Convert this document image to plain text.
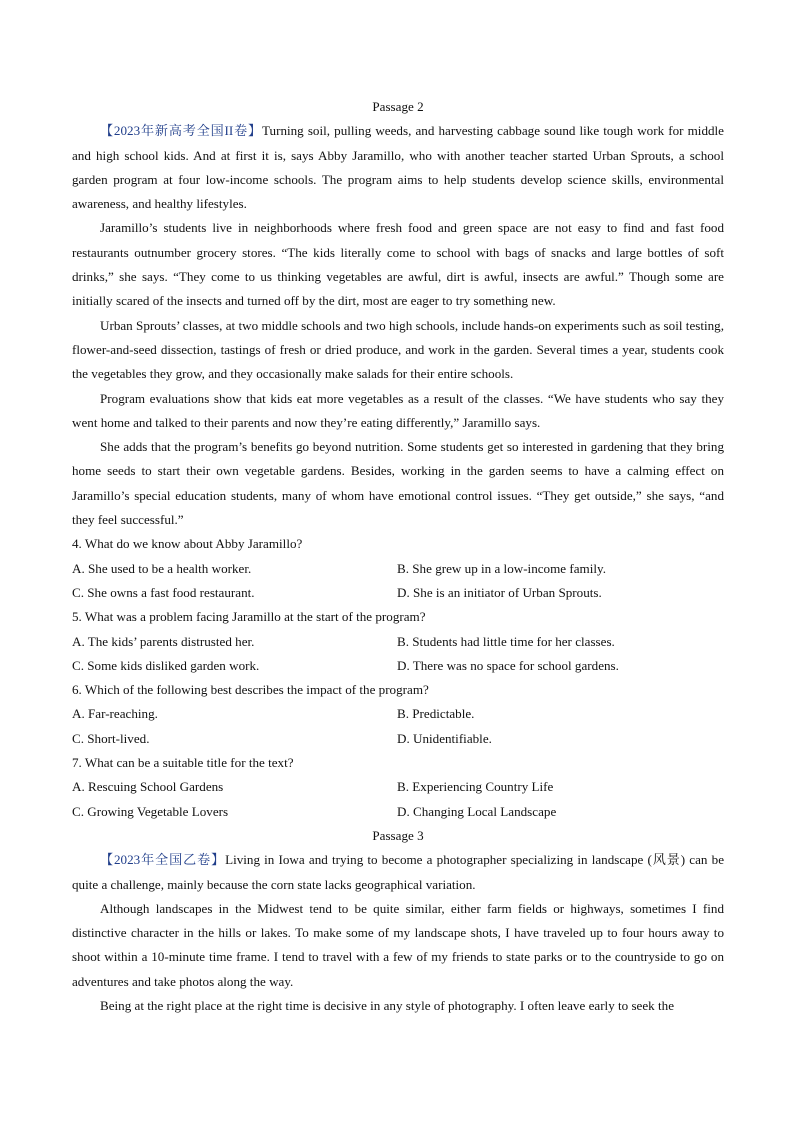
Passage 2
【2023年新高考全国II卷】Turning soil, pulling weeds, and harvesting cabbage sound like tough work for middle and high school kids. And at first it is, says Abby Jaramillo, who with another teacher started Urban Sprouts, a school garden program at four low-income schools. The program aims to help students develop science skills, environmental awareness, and healthy lifestyles.
Jaramillo’s students live in neighborhoods where fresh food and green space are not easy to find and fast food restaurants outnumber grocery stores. “The kids literally come to school with bags of snacks and large bottles of soft drinks,” she says. “They come to us thinking vegetables are awful, dirt is awful, insects are awful.” Though some are initially scared of the insects and turned off by the dirt, most are eager to try something new.
Urban Sprouts’ classes, at two middle schools and two high schools, include hands-on experiments such as soil testing, flower-and-seed dissection, tastings of fresh or dried produce, and work in the garden. Several times a year, students cook the vegetables they grow, and they occasionally make salads for their entire schools.
Program evaluations show that kids eat more vegetables as a result of the classes. “We have students who say they went home and talked to their parents and now they’re eating differently,” Jaramillo says.
She adds that the program’s benefits go beyond nutrition. Some students get so interested in gardening that they bring home seeds to start their own vegetable gardens. Besides, working in the garden seems to have a calming effect on Jaramillo’s special education students, many of whom have emotional control issues. “They get outside,” she says, “and they feel successful.”
4. What do we know about Abby Jaramillo?
A. She used to be a health worker.	B. She grew up in a low-income family.
C. She owns a fast food restaurant.	D. She is an initiator of Urban Sprouts.
5. What was a problem facing Jaramillo at the start of the program?
A. The kids’ parents distrusted her.	B. Students had little time for her classes.
C. Some kids disliked garden work.	D. There was no space for school gardens.
6. Which of the following best describes the impact of the program?
A. Far-reaching.	B. Predictable.
C. Short-lived.	D. Unidentifiable.
7. What can be a suitable title for the text?
A. Rescuing School Gardens	B. Experiencing Country Life
C. Growing Vegetable Lovers	D. Changing Local Landscape
Passage 3
【2023年全国乙卷】Living in Iowa and trying to become a photographer specializing in landscape (风景) can be quite a challenge, mainly because the corn state lacks geographical variation.
Although landscapes in the Midwest tend to be quite similar, either farm fields or highways, sometimes I find distinctive character in the hills or lakes. To make some of my landscape shots, I have traveled up to four hours away to shoot within a 10-minute time frame. I tend to travel with a few of my friends to state parks or to the countryside to go on adventures and take photos along the way.
Being at the right place at the right time is decisive in any style of photography. I often leave early to seek the
